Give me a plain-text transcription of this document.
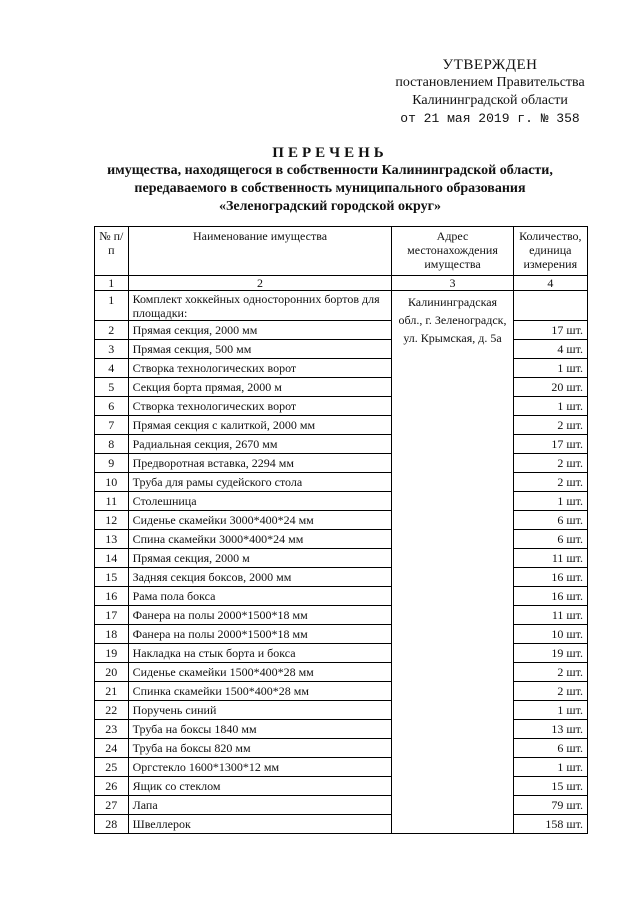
УТВЕРЖДЕН
постановлением Правительства
Калининградской области
от 21 мая 2019 г. № 358
ПЕРЕЧЕНЬ
имущества, находящегося в собственности Калининградской области,
передаваемого в собственность муниципального образования
«Зеленоградский городской округ»
№ п/п	Наименование имущества	Адрес местонахождения имущества	Количество, единица измерения
1	2	3	4
1	Комплект хоккейных односторонних бортов для площадки:	Калининградская обл., г. Зеленоградск, ул. Крымская, д. 5а	
2	Прямая секция, 2000 мм		17 шт.
3	Прямая секция, 500 мм		4 шт.
4	Створка технологических ворот		1 шт.
5	Секция борта прямая, 2000 м		20 шт.
6	Створка технологических ворот		1 шт.
7	Прямая секция с калиткой, 2000 мм		2 шт.
8	Радиальная секция, 2670 мм		17 шт.
9	Предворотная вставка, 2294 мм		2 шт.
10	Труба для рамы судейского стола		2 шт.
11	Столешница		1 шт.
12	Сиденье скамейки 3000*400*24 мм		6 шт.
13	Спина скамейки 3000*400*24 мм		6 шт.
14	Прямая секция, 2000 м		11 шт.
15	Задняя секция боксов, 2000 мм		16 шт.
16	Рама пола бокса		16 шт.
17	Фанера на полы 2000*1500*18 мм		11 шт.
18	Фанера на полы 2000*1500*18 мм		10 шт.
19	Накладка на стык борта и бокса		19 шт.
20	Сиденье скамейки 1500*400*28 мм		2 шт.
21	Спинка скамейки 1500*400*28 мм		2 шт.
22	Поручень синий		1 шт.
23	Труба на боксы 1840 мм		13 шт.
24	Труба на боксы 820 мм		6 шт.
25	Оргстекло 1600*1300*12 мм		1 шт.
26	Ящик со стеклом		15 шт.
27	Лапа		79 шт.
28	Швеллерок		158 шт.
